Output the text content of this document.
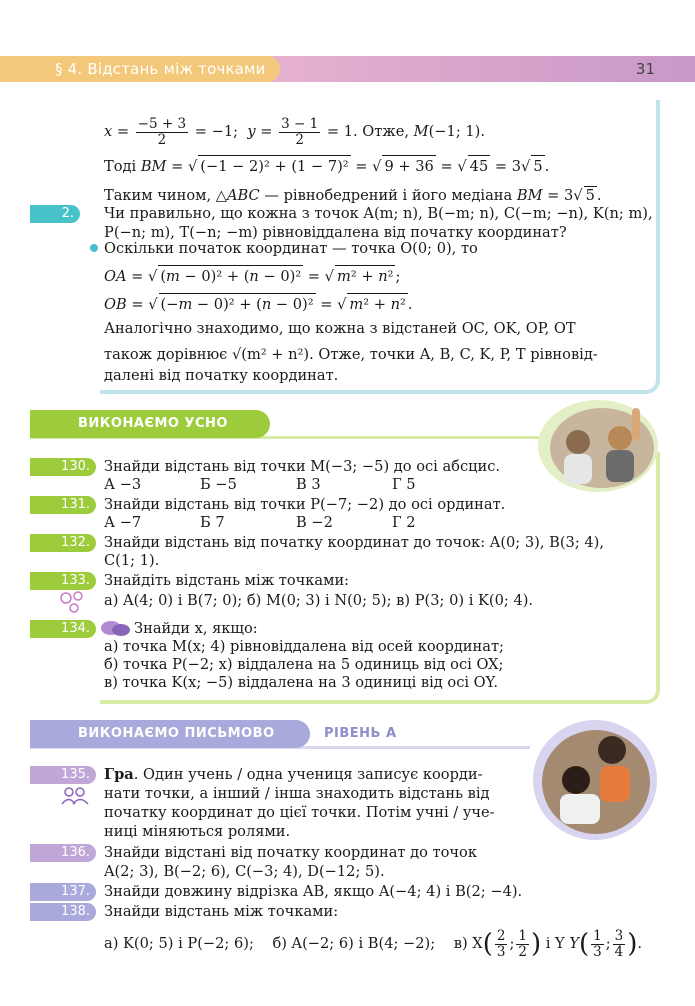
§ 4. Відстань між точками	31
$x = \frac{-5 + 3}{2} = -1$;  $y = \frac{3 - 1}{2} = 1$. Отже, M(−1; 1).
Тоді BM = √ (−1 − 2)² + (1 − 7)² = √ 9 + 36 = √ 45 = 3√ 5 .
Таким чином, △ABC — рівнобедрений і його медіана BM = 3√ 5 .
2.	Чи правильно, що кожна з точок A(m; n), B(−m; n), C(−m; −n), K(n; m),
P(−n; m), T(−n; −m) рівновіддалена від початку координат?
Оскільки початок координат — точка O(0; 0), то
OA = √ (m − 0)² + (n − 0)² = √ m² + n² ;
OB = √ (−m − 0)² + (n − 0)² = √ m² + n² .
Аналогічно знаходимо, що кожна з відстаней OC, OK, OP, OT
також дорівнює √(m² + n²). Отже, точки A, B, C, K, P, T рівновід-
далені від початку координат.
ВИКОНАЄМО УСНО
130. Знайди відстань від точки M(−3; −5) до осі абсцис.
А −3	Б −5	В 3	Г 5
131. Знайди відстань від точки P(−7; −2) до осі ординат.
А −7	Б 7	В −2	Г 2
132. Знайди відстань від початку координат до точок: A(0; 3), B(3; 4),
C(1; 1).
133. Знайдіть відстань між точками:
а) A(4; 0) і B(7; 0); б) M(0; 3) і N(0; 5); в) P(3; 0) і K(0; 4).
134.	Знайди x, якщо:
а) точка M(x; 4) рівновіддалена від осей координат;
б) точка P(−2; x) віддалена на 5 одиниць від осі OX;
в) точка K(x; −5) віддалена на 3 одиниці від осі OY.
ВИКОНАЄМО ПИСЬМОВО	РІВЕНЬ А
135. Гра. Один учень / одна учениця записує коорди-
нати точки, а інший / інша знаходить відстань від
початку координат до цієї точки. Потім учні / уче-
ниці міняються ролями.
136. Знайди відстані від початку координат до точок
A(2; 3), B(−2; 6), C(−3; 4), D(−12; 5).
137. Знайди довжину відрізка AB, якщо A(−4; 4) і B(2; −4).
138. Знайди відстань між точками:
а) K(0; 5) і P(−2; 6); б) A(−2; 6) і B(4; −2); в) $X( \frac{2}{3}$ ; $\frac{1}{2}$ ) і Y $Y( \frac{1}{3}$ ; $\frac{3}{4}$ ).
